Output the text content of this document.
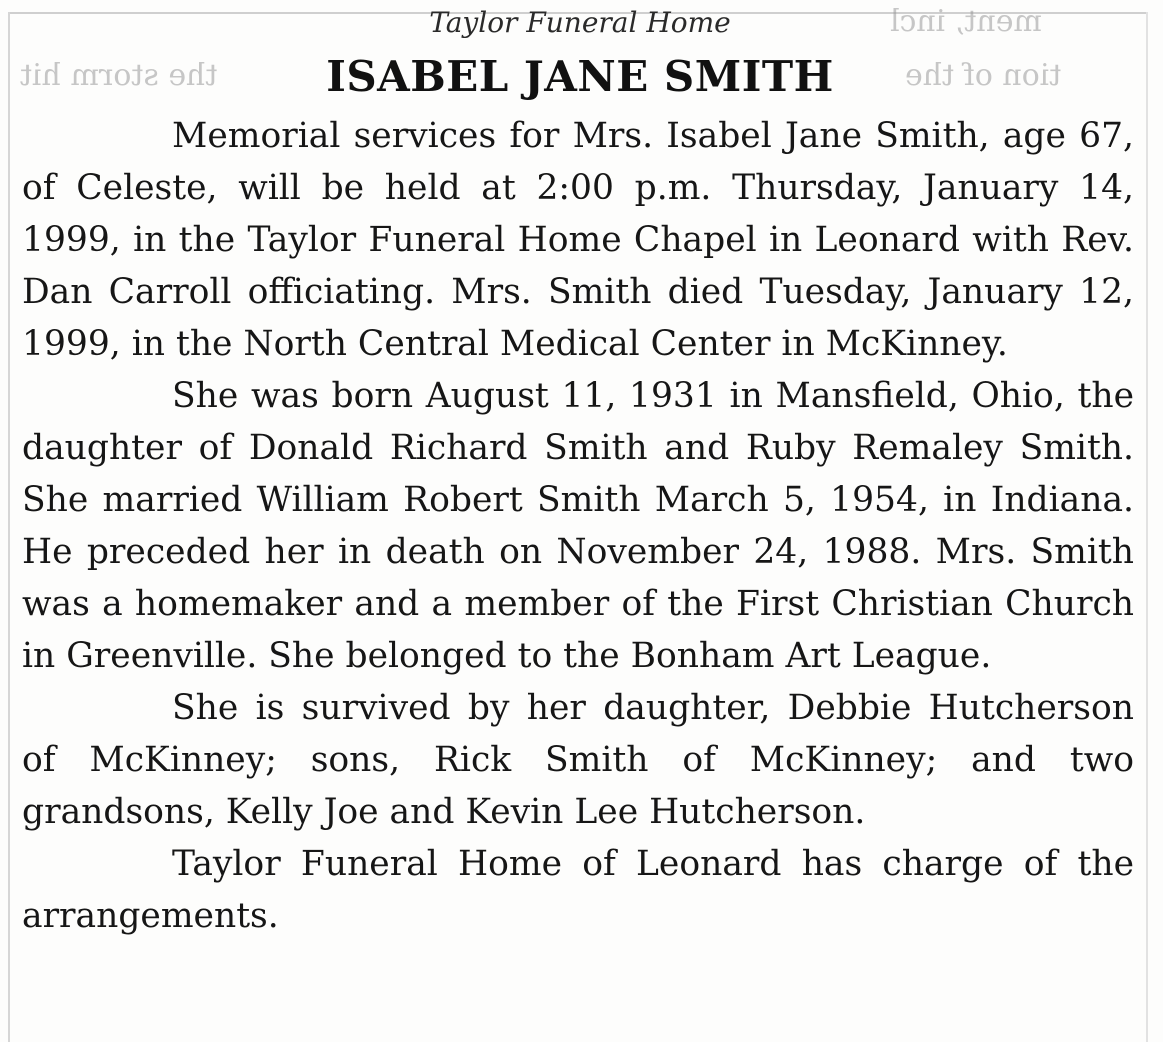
ment, incl
the storm hit	tion of the
Taylor Funeral Home
ISABEL JANE SMITH

Memorial services for Mrs. Isabel Jane Smith, age 67, of Celeste, will be held at 2:00 p.m. Thursday, January 14, 1999, in the Taylor Funeral Home Chapel in Leonard with Rev. Dan Carroll officiating. Mrs. Smith died Tuesday, January 12, 1999, in the North Central Medical Center in McKinney.

She was born August 11, 1931 in Mansfield, Ohio, the daughter of Donald Richard Smith and Ruby Remaley Smith. She married William Robert Smith March 5, 1954, in Indiana. He preceded her in death on November 24, 1988. Mrs. Smith was a homemaker and a member of the First Christian Church in Greenville. She belonged to the Bonham Art League.

She is survived by her daughter, Debbie Hutcherson of McKinney; sons, Rick Smith of McKinney; and two grandsons, Kelly Joe and Kevin Lee Hutcherson.

Taylor Funeral Home of Leonard has charge of the arrangements.
